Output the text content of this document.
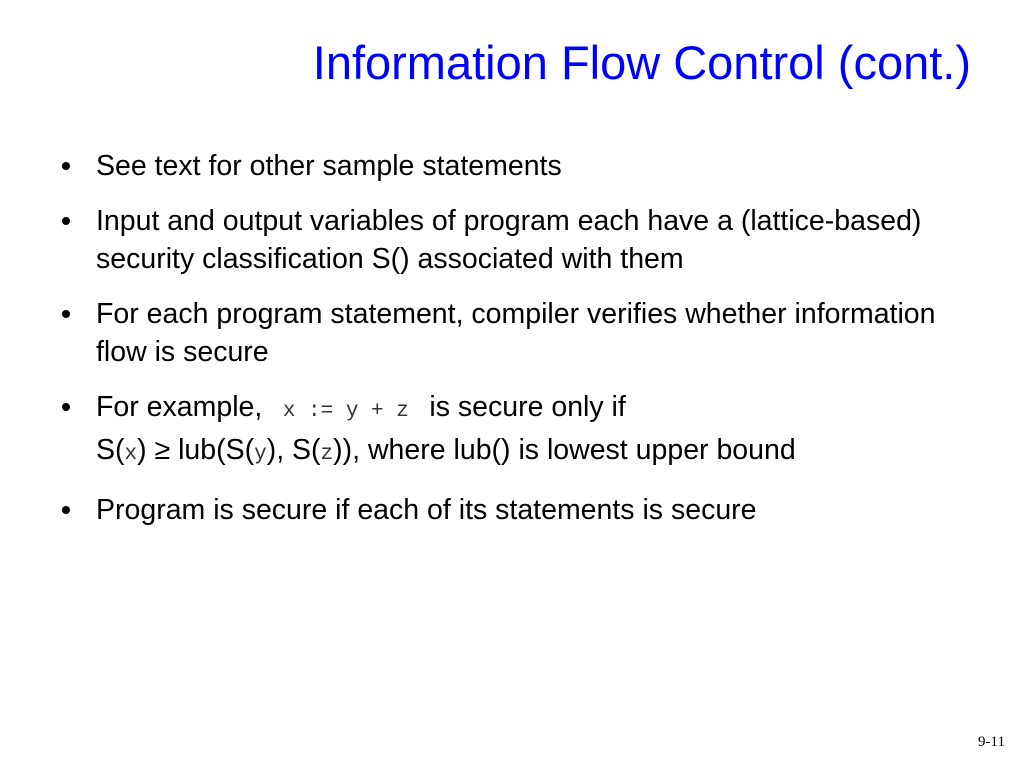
Information Flow Control (cont.)
See text for other sample statements
Input and output variables of program each have a (lattice-based) security classification S() associated with them
For each program statement, compiler verifies whether information flow is secure
For example,  x := y + z  is secure only if
S(x) ≥ lub(S(y), S(z)), where lub() is lowest upper bound
Program is secure if each of its statements is secure
9-11
